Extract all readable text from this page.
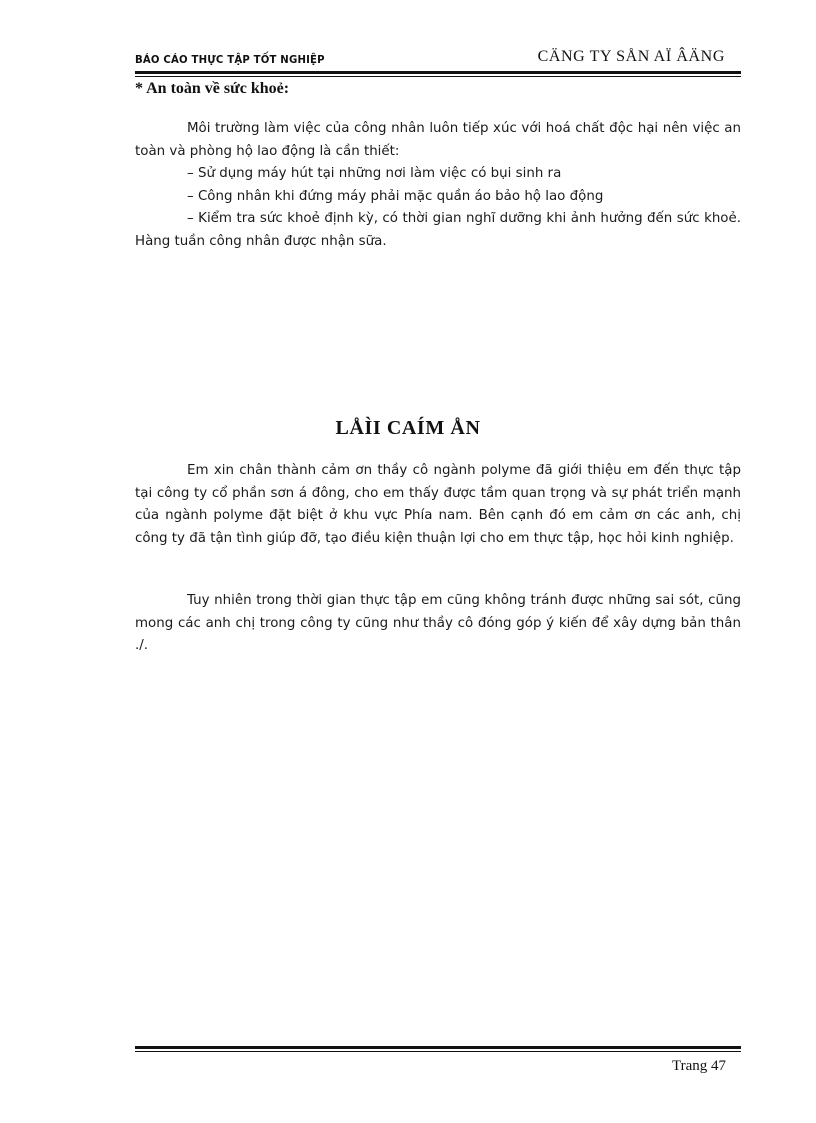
BÁO CÁO THỰC TẬP TỐT NGHIỆP	CÄNG TY SÅN AÏ ÂÄNG
* An toàn về sức khoẻ:

Môi trường làm việc của công nhân luôn tiếp xúc với hoá chất độc hại nên việc an toàn và phòng hộ lao động là cần thiết:

– Sử dụng máy hút tại những nơi làm việc có bụi sinh ra

– Công nhân khi đứng máy phải mặc quần áo bảo hộ lao động

– Kiểm tra sức khoẻ định kỳ, có thời gian nghĩ dưỡng khi ảnh hưởng đến sức khoẻ. Hàng tuần công nhân được nhận sữa.

LÅÌI CAÍM ÅN

Em xin chân thành cảm ơn thầy cô ngành polyme đã giới thiệu em đến thực tập tại công ty cổ phần sơn á đông, cho em thấy được tầm quan trọng và sự phát triển mạnh của ngành polyme đặt biệt ở khu vực Phía nam. Bên cạnh đó em cảm ơn các anh, chị công ty đã tận tình giúp đỡ, tạo điều kiện thuận lợi cho em thực tập, học hỏi kinh nghiệp.

Tuy nhiên trong thời gian thực tập em cũng không tránh được những sai sót, cũng mong các anh chị trong công ty cũng như thầy cô đóng góp ý kiến để xây dựng bản thân ./.

Trang 47
